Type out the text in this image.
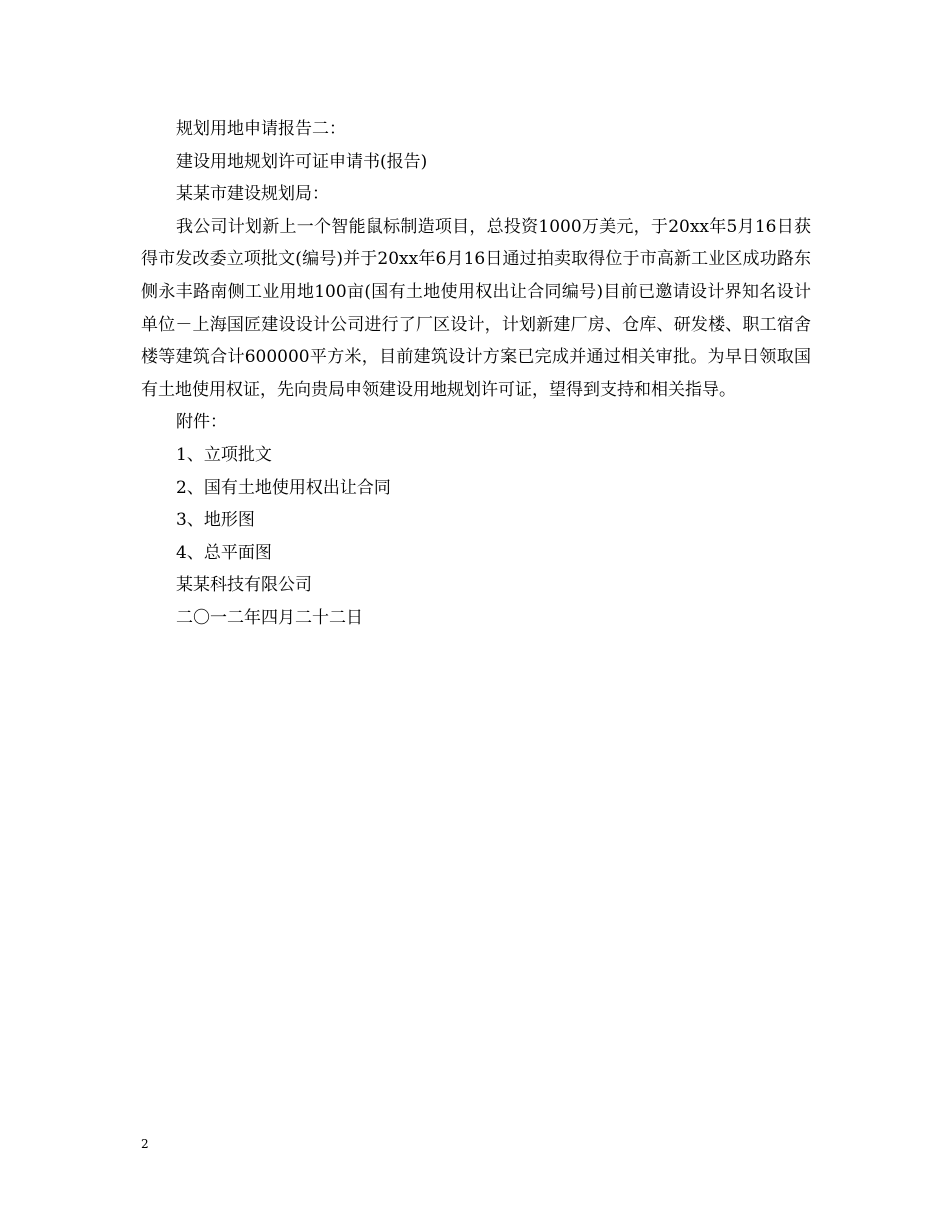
规划用地申请报告二：

建设用地规划许可证申请书(报告)

某某市建设规划局：

我公司计划新上一个智能鼠标制造项目，总投资1000万美元，于20xx年5月16日获得市发改委立项批文(编号)并于20xx年6月16日通过拍卖取得位于市高新工业区成功路东侧永丰路南侧工业用地100亩(国有土地使用权出让合同编号)目前已邀请设计界知名设计单位－上海国匠建设设计公司进行了厂区设计，计划新建厂房、仓库、研发楼、职工宿舍楼等建筑合计600000平方米，目前建筑设计方案已完成并通过相关审批。为早日领取国有土地使用权证，先向贵局申领建设用地规划许可证，望得到支持和相关指导。

附件：

1、立项批文

2、国有土地使用权出让合同

3、地形图

4、总平面图

某某科技有限公司

二〇一二年四月二十二日

2
